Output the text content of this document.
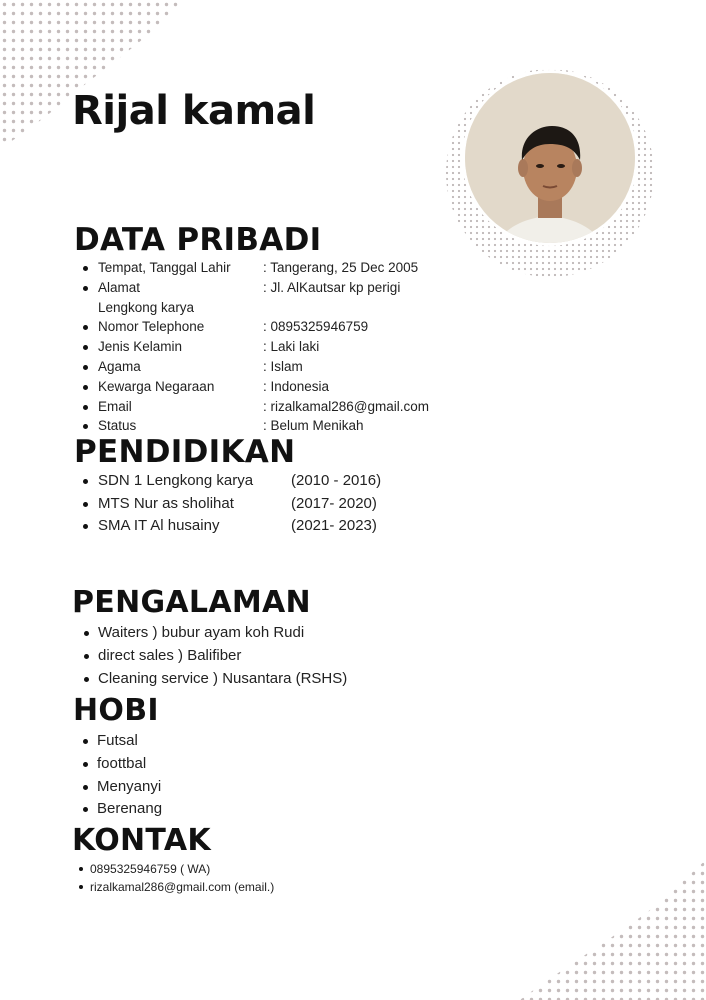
Rijal kamal
DATA PRIBADI
Tempat, Tanggal Lahir : Tangerang, 25 Dec 2005
Alamat	: Jl. AlKautsar kp perigi
Lengkong karya
Nomor Telephone	: 0895325946759
Jenis Kelamin	: Laki laki
Agama	: Islam
Kewarga Negaraan	: Indonesia
Email	: rizalkamal286@gmail.com
Status	: Belum Menikah
PENDIDIKAN
SDN 1 Lengkong karya	(2010 - 2016)
MTS Nur as sholihat	(2017- 2020)
SMA IT Al husainy	(2021- 2023)
PENGALAMAN
Waiters ) bubur ayam koh Rudi
direct sales ) Balifiber
Cleaning service ) Nusantara (RSHS)
HOBI
Futsal
foottbal
Menyanyi
Berenang
KONTAK
0895325946759 ( WA)
rizalkamal286@gmail.com (email.)
